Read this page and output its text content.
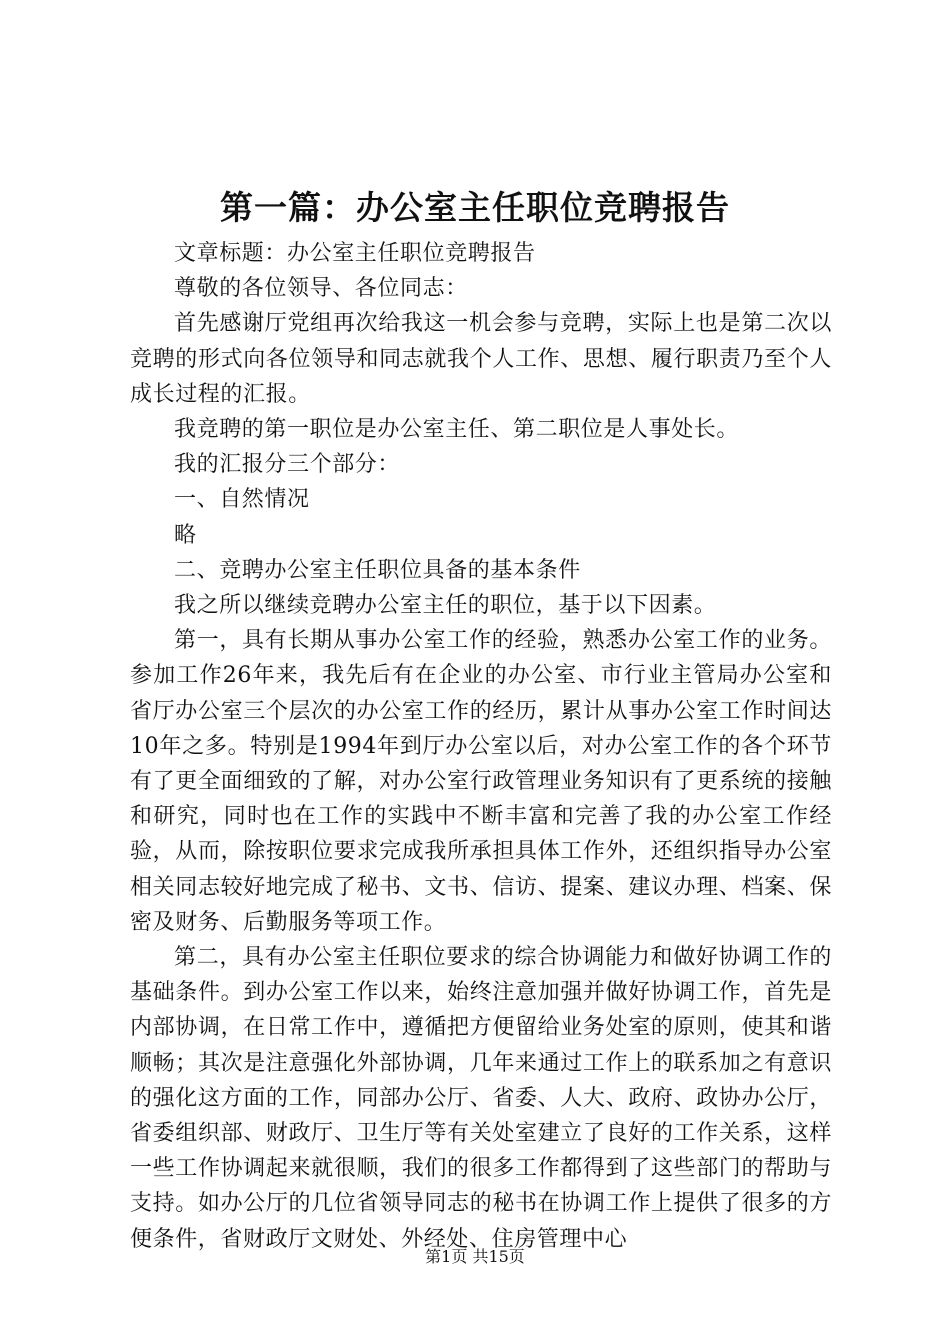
第一篇：办公室主任职位竞聘报告

文章标题：办公室主任职位竞聘报告

尊敬的各位领导、各位同志：

首先感谢厅党组再次给我这一机会参与竞聘，实际上也是第二次以竞聘的形式向各位领导和同志就我个人工作、思想、履行职责乃至个人成长过程的汇报。

我竞聘的第一职位是办公室主任、第二职位是人事处长。

我的汇报分三个部分：

一、自然情况

略

二、竞聘办公室主任职位具备的基本条件

我之所以继续竞聘办公室主任的职位，基于以下因素。

第一，具有长期从事办公室工作的经验，熟悉办公室工作的业务。参加工作26年来，我先后有在企业的办公室、市行业主管局办公室和省厅办公室三个层次的办公室工作的经历，累计从事办公室工作时间达10年之多。特别是1994年到厅办公室以后，对办公室工作的各个环节有了更全面细致的了解，对办公室行政管理业务知识有了更系统的接触和研究，同时也在工作的实践中不断丰富和完善了我的办公室工作经验，从而，除按职位要求完成我所承担具体工作外，还组织指导办公室相关同志较好地完成了秘书、文书、信访、提案、建议办理、档案、保密及财务、后勤服务等项工作。

第二，具有办公室主任职位要求的综合协调能力和做好协调工作的基础条件。到办公室工作以来，始终注意加强并做好协调工作，首先是内部协调，在日常工作中，遵循把方便留给业务处室的原则，使其和谐顺畅；其次是注意强化外部协调，几年来通过工作上的联系加之有意识的强化这方面的工作，同部办公厅、省委、人大、政府、政协办公厅，省委组织部、财政厅、卫生厅等有关处室建立了良好的工作关系，这样一些工作协调起来就很顺，我们的很多工作都得到了这些部门的帮助与支持。如办公厅的几位省领导同志的秘书在协调工作上提供了很多的方便条件，省财政厅文财处、外经处、住房管理中心

第1页 共15页
